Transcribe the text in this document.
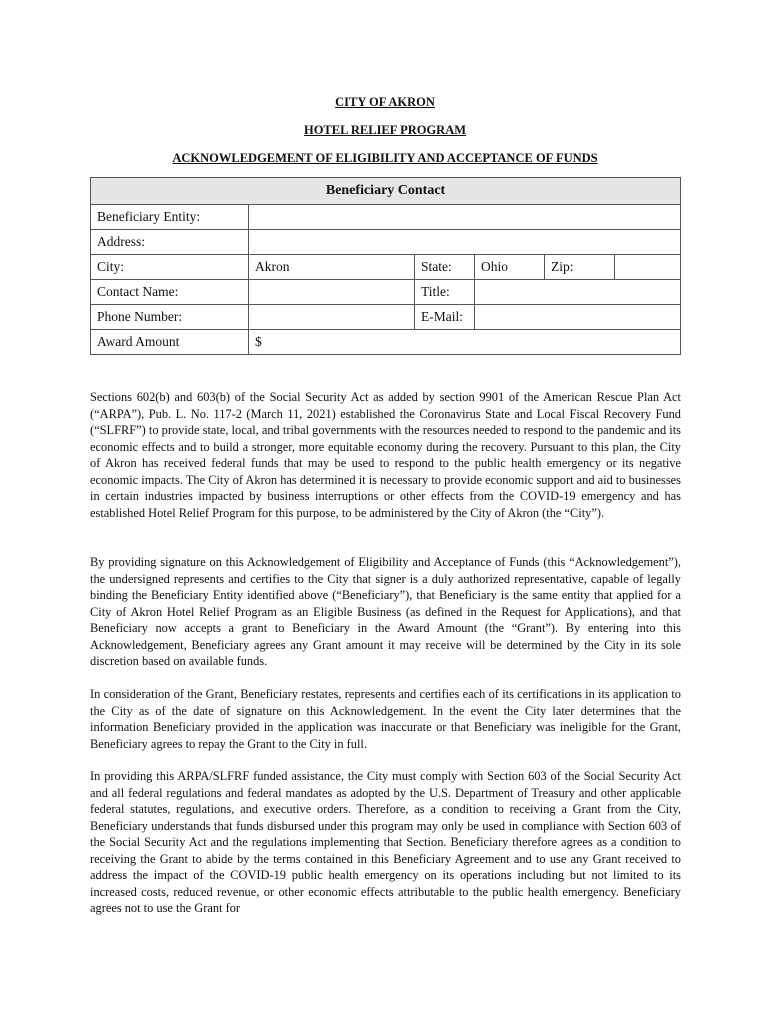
CITY OF AKRON
HOTEL RELIEF PROGRAM
ACKNOWLEDGEMENT OF ELIGIBILITY AND ACCEPTANCE OF FUNDS
Beneficiary Contact					
Beneficiary Entity:					
Address:					
City:	Akron	State:	Ohio	Zip:	
Contact Name:		Title:			
Phone Number:		E-Mail:			
Award Amount	$				

Sections 602(b) and 603(b) of the Social Security Act as added by section 9901 of the American Rescue Plan Act (“ARPA”), Pub. L. No. 117-2 (March 11, 2021) established the Coronavirus State and Local Fiscal Recovery Fund (“SLFRF”) to provide state, local, and tribal governments with the resources needed to respond to the pandemic and its economic effects and to build a stronger, more equitable economy during the recovery. Pursuant to this plan, the City of Akron has received federal funds that may be used to respond to the public health emergency or its negative economic impacts. The City of Akron has determined it is necessary to provide economic support and aid to businesses in certain industries impacted by business interruptions or other effects from the COVID-19 emergency and has established Hotel Relief Program for this purpose, to be administered by the City of Akron (the “City”).

By providing signature on this Acknowledgement of Eligibility and Acceptance of Funds (this “Acknowledgement”), the undersigned represents and certifies to the City that signer is a duly authorized representative, capable of legally binding the Beneficiary Entity identified above (“Beneficiary”), that Beneficiary is the same entity that applied for a City of Akron Hotel Relief Program as an Eligible Business (as defined in the Request for Applications), and that Beneficiary now accepts a grant to Beneficiary in the Award Amount (the “Grant”). By entering into this Acknowledgement, Beneficiary agrees any Grant amount it may receive will be determined by the City in its sole discretion based on available funds.

In consideration of the Grant, Beneficiary restates, represents and certifies each of its certifications in its application to the City as of the date of signature on this Acknowledgement. In the event the City later determines that the information Beneficiary provided in the application was inaccurate or that Beneficiary was ineligible for the Grant, Beneficiary agrees to repay the Grant to the City in full.

In providing this ARPA/SLFRF funded assistance, the City must comply with Section 603 of the Social Security Act and all federal regulations and federal mandates as adopted by the U.S. Department of Treasury and other applicable federal statutes, regulations, and executive orders. Therefore, as a condition to receiving a Grant from the City, Beneficiary understands that funds disbursed under this program may only be used in compliance with Section 603 of the Social Security Act and the regulations implementing that Section. Beneficiary therefore agrees as a condition to receiving the Grant to abide by the terms contained in this Beneficiary Agreement and to use any Grant received to address the impact of the COVID-19 public health emergency on its operations including but not limited to its increased costs, reduced revenue, or other economic effects attributable to the public health emergency. Beneficiary agrees not to use the Grant for
